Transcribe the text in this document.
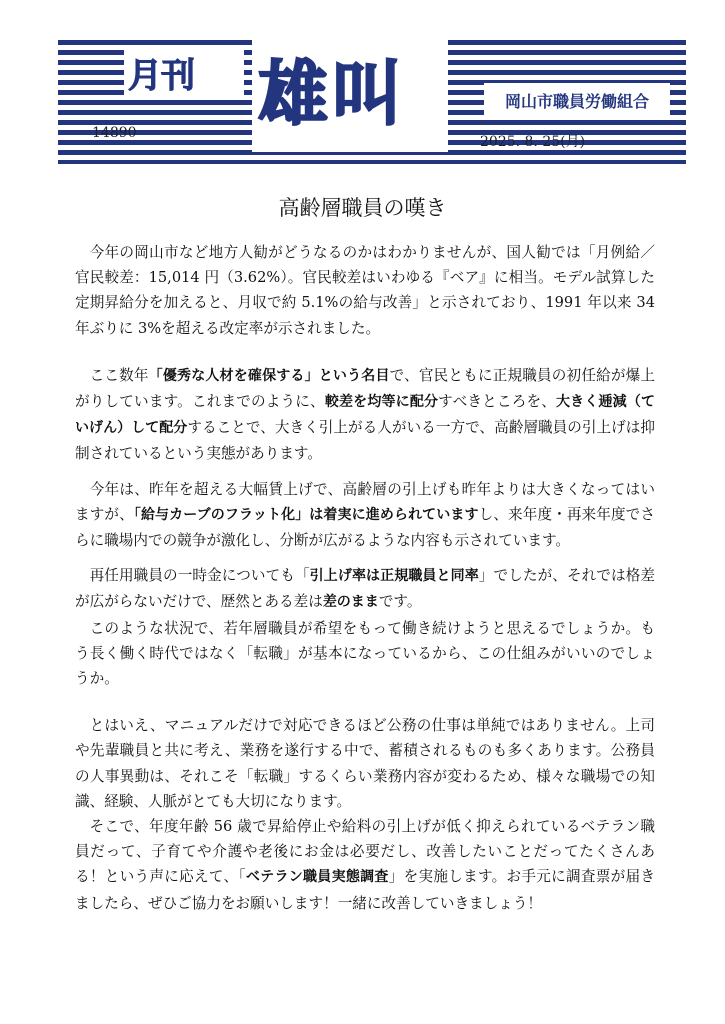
月刊 雄叫
14890
岡山市職員労働組合
2025. 8. 25(月)
高齢層職員の嘆き

今年の岡山市など地方人勧がどうなるのかはわかりませんが、国人勧では「月例給／官民較差：15,014 円（3.62%）。官民較差はいわゆる『ベア』に相当。モデル試算した定期昇給分を加えると、月収で約 5.1%の給与改善」と示されており、1991 年以来 34 年ぶりに 3%を超える改定率が示されました。

ここ数年「優秀な人材を確保する」という名目で、官民ともに正規職員の初任給が爆上がりしています。これまでのように、較差を均等に配分すべきところを、大きく逓減（ていげん）して配分することで、大きく引上がる人がいる一方で、高齢層職員の引上げは抑制されているという実態があります。

今年は、昨年を超える大幅賃上げで、高齢層の引上げも昨年よりは大きくなってはいますが、「給与カーブのフラット化」は着実に進められていますし、来年度・再来年度でさらに職場内での競争が激化し、分断が広がるような内容も示されています。

再任用職員の一時金についても「引上げ率は正規職員と同率」でしたが、それでは格差が広がらないだけで、歴然とある差は差のままです。

このような状況で、若年層職員が希望をもって働き続けようと思えるでしょうか。もう長く働く時代ではなく「転職」が基本になっているから、この仕組みがいいのでしょうか。

とはいえ、マニュアルだけで対応できるほど公務の仕事は単純ではありません。上司や先輩職員と共に考え、業務を遂行する中で、蓄積されるものも多くあります。公務員の人事異動は、それこそ「転職」するくらい業務内容が変わるため、様々な職場での知識、経験、人脈がとても大切になります。

そこで、年度年齢 56 歳で昇給停止や給料の引上げが低く抑えられているベテラン職員だって、子育てや介護や老後にお金は必要だし、改善したいことだってたくさんある！という声に応えて、「ベテラン職員実態調査」を実施します。お手元に調査票が届きましたら、ぜひご協力をお願いします！一緒に改善していきましょう！
